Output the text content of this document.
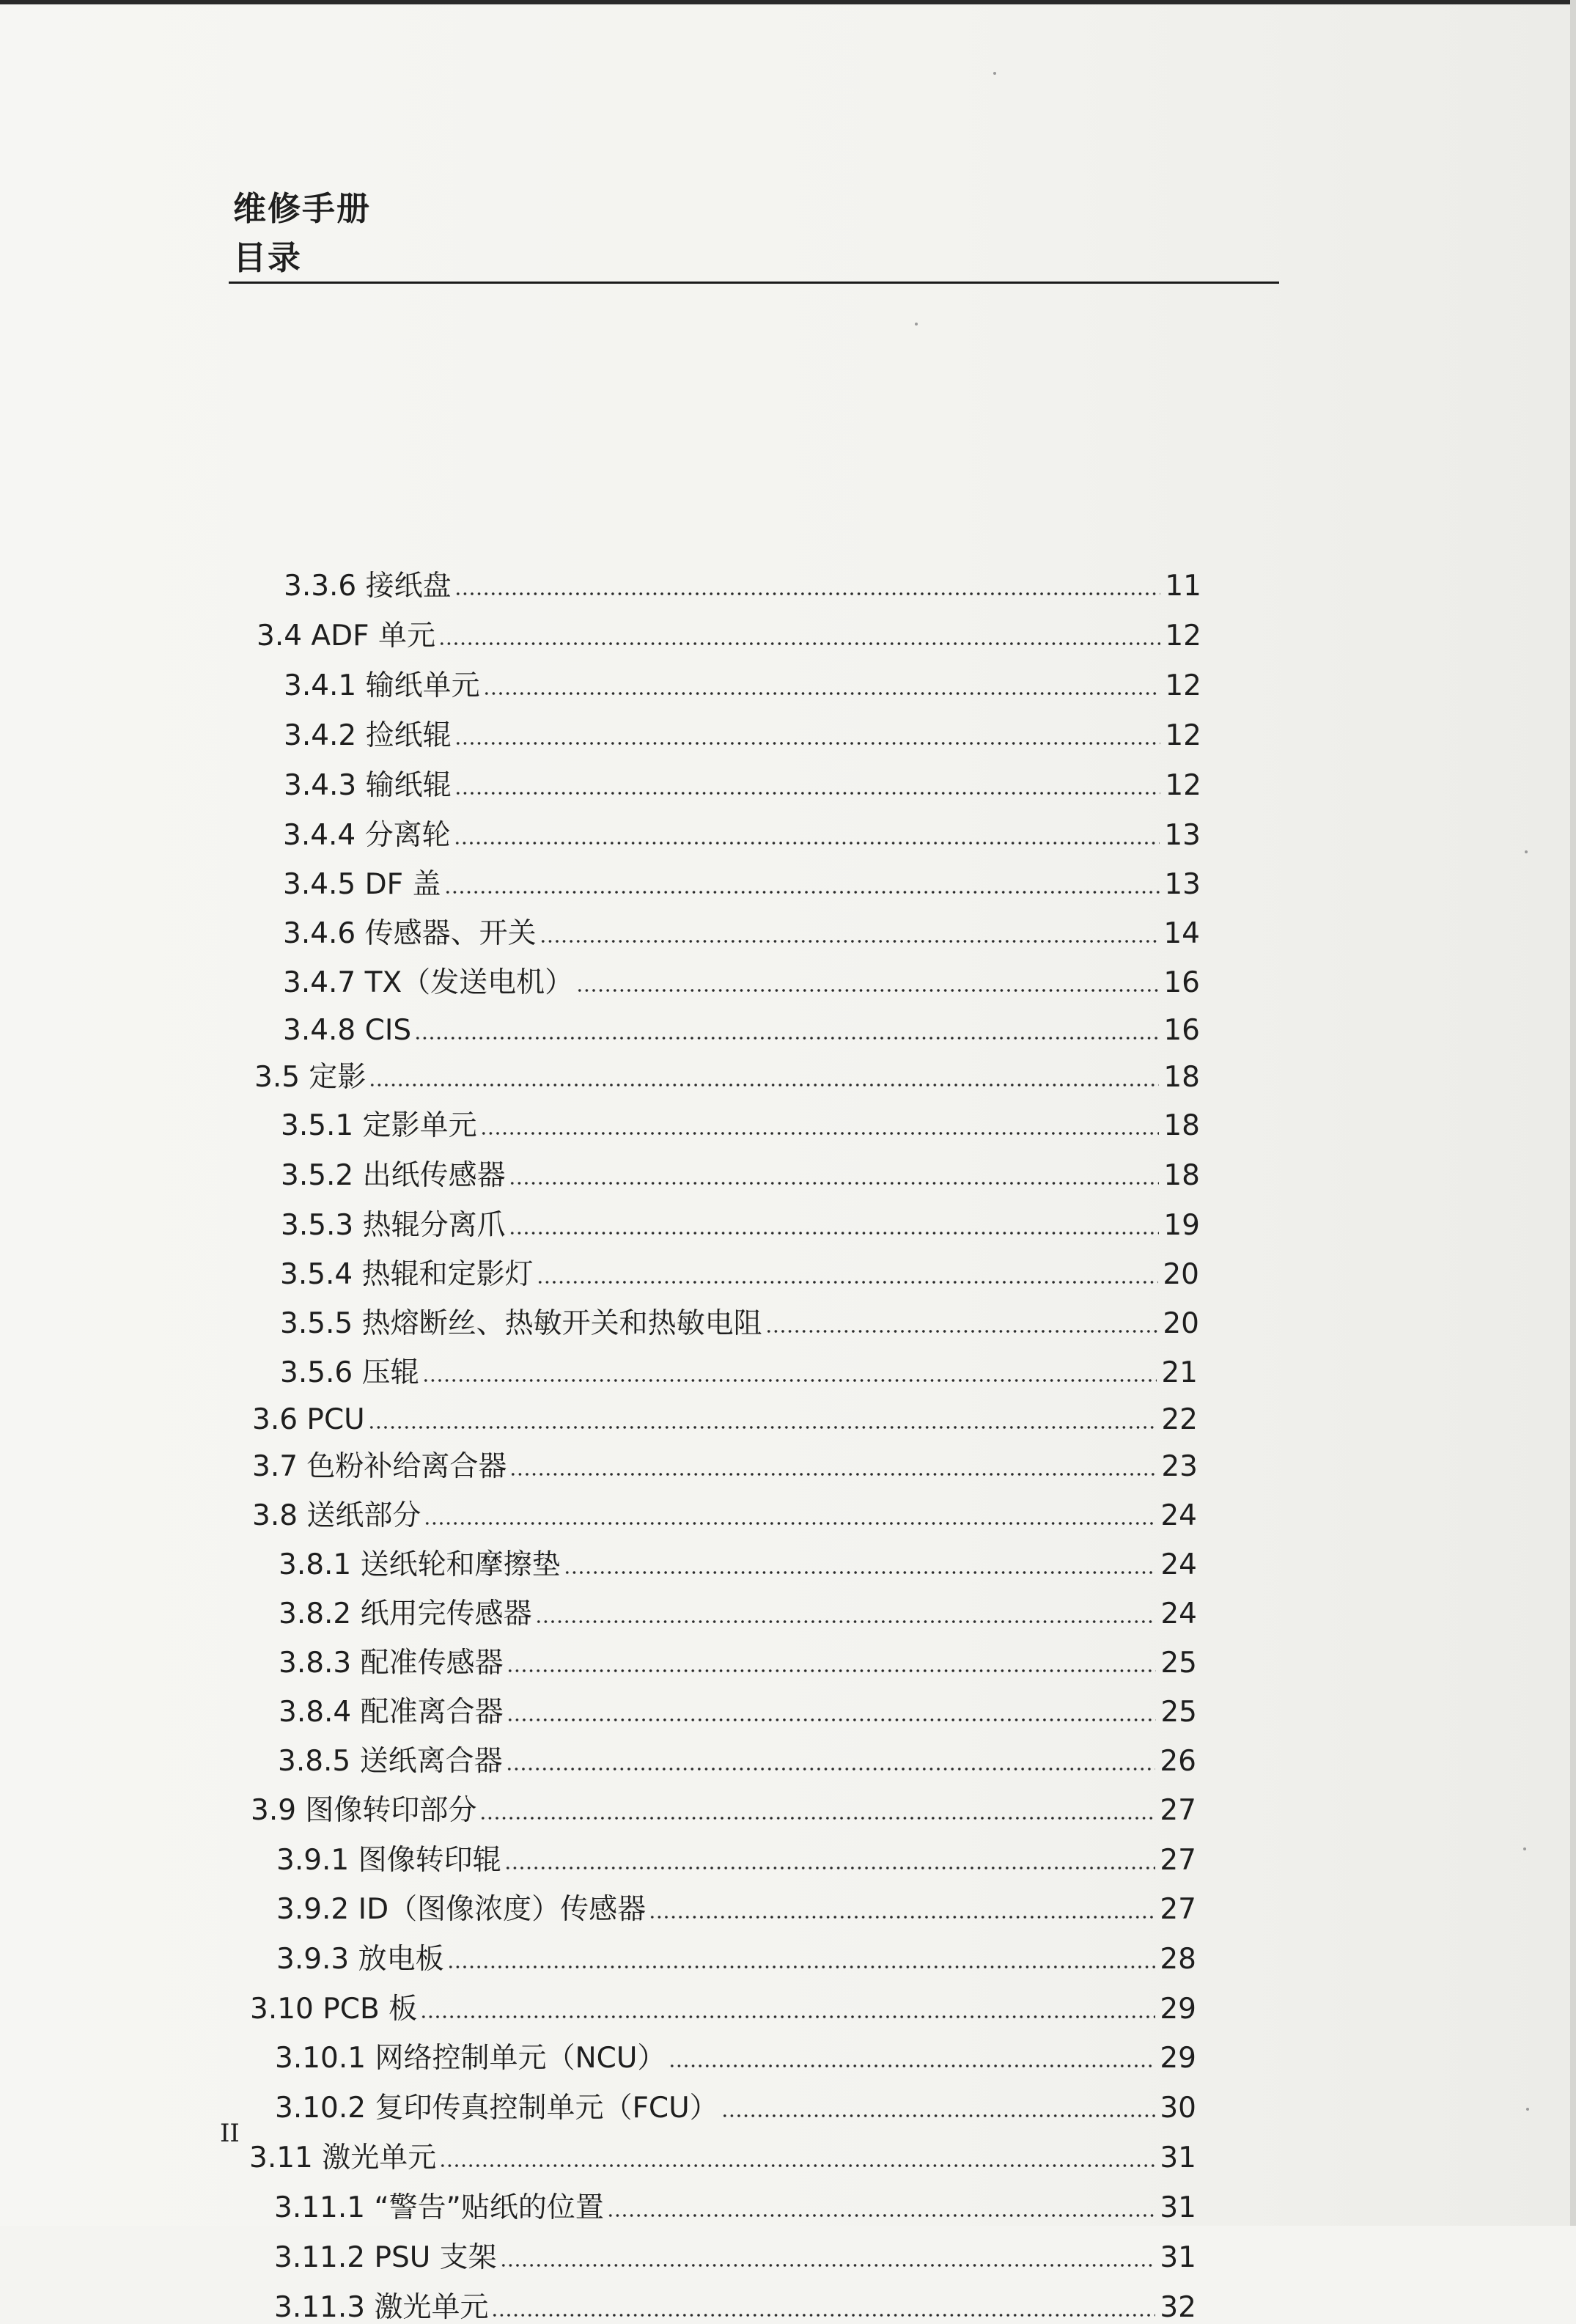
维修手册
目录
3.3.6 接纸盘	11
3.4 ADF 单元	12
3.4.1 输纸单元	12
3.4.2 捡纸辊	12
3.4.3 输纸辊	12
3.4.4 分离轮	13
3.4.5 DF 盖	13
3.4.6 传感器、开关	14
3.4.7 TX（发送电机）	16
3.4.8 CIS	16
3.5 定影	18
3.5.1 定影单元	18
3.5.2 出纸传感器	18
3.5.3 热辊分离爪	19
3.5.4 热辊和定影灯	20
3.5.5 热熔断丝、热敏开关和热敏电阻	20
3.5.6 压辊	21
3.6 PCU	22
3.7 色粉补给离合器	23
3.8 送纸部分	24
3.8.1 送纸轮和摩擦垫	24
3.8.2 纸用完传感器	24
3.8.3 配准传感器	25
3.8.4 配准离合器	25
3.8.5 送纸离合器	26
3.9 图像转印部分	27
3.9.1 图像转印辊	27
3.9.2 ID（图像浓度）传感器	27
3.9.3 放电板	28
3.10 PCB 板	29
3.10.1 网络控制单元（NCU）	29
3.10.2 复印传真控制单元（FCU）	30
3.11 激光单元	31
3.11.1 “警告”贴纸的位置	31
3.11.2 PSU 支架	31
3.11.3 激光单元	32
II
